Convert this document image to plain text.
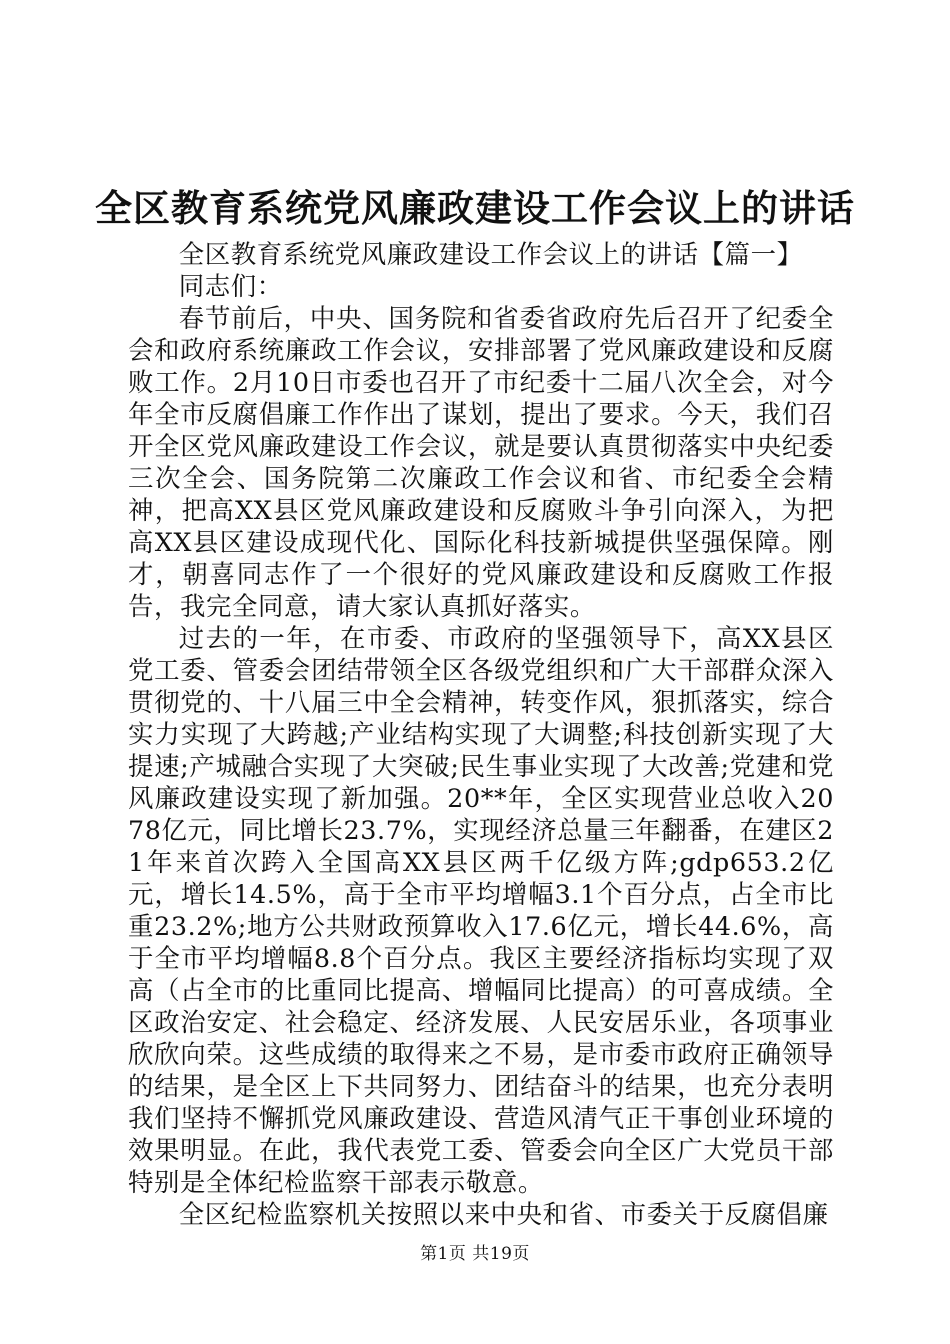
全区教育系统党风廉政建设工作会议上的讲话

全区教育系统党风廉政建设工作会议上的讲话【篇一】

同志们：

春节前后，中央、国务院和省委省政府先后召开了纪委全会和政府系统廉政工作会议，安排部署了党风廉政建设和反腐败工作。2月10日市委也召开了市纪委十二届八次全会，对今年全市反腐倡廉工作作出了谋划，提出了要求。今天，我们召开全区党风廉政建设工作会议，就是要认真贯彻落实中央纪委三次全会、国务院第二次廉政工作会议和省、市纪委全会精神，把高XX县区党风廉政建设和反腐败斗争引向深入，为把高XX县区建设成现代化、国际化科技新城提供坚强保障。刚才，朝喜同志作了一个很好的党风廉政建设和反腐败工作报告，我完全同意，请大家认真抓好落实。

过去的一年，在市委、市政府的坚强领导下，高XX县区党工委、管委会团结带领全区各级党组织和广大干部群众深入贯彻党的、十八届三中全会精神，转变作风，狠抓落实，综合实力实现了大跨越;产业结构实现了大调整;科技创新实现了大提速;产城融合实现了大突破;民生事业实现了大改善;党建和党风廉政建设实现了新加强。20**年，全区实现营业总收入2078亿元，同比增长23.7%，实现经济总量三年翻番，在建区21年来首次跨入全国高XX县区两千亿级方阵;gdp653.2亿元，增长14.5%，高于全市平均增幅3.1个百分点，占全市比重23.2%;地方公共财政预算收入17.6亿元，增长44.6%，高于全市平均增幅8.8个百分点。我区主要经济指标均实现了双高（占全市的比重同比提高、增幅同比提高）的可喜成绩。全区政治安定、社会稳定、经济发展、人民安居乐业，各项事业欣欣向荣。这些成绩的取得来之不易，是市委市政府正确领导的结果，是全区上下共同努力、团结奋斗的结果，也充分表明我们坚持不懈抓党风廉政建设、营造风清气正干事创业环境的效果明显。在此，我代表党工委、管委会向全区广大党员干部特别是全体纪检监察干部表示敬意。

全区纪检监察机关按照以来中央和省、市委关于反腐倡廉

第1页 共19页
